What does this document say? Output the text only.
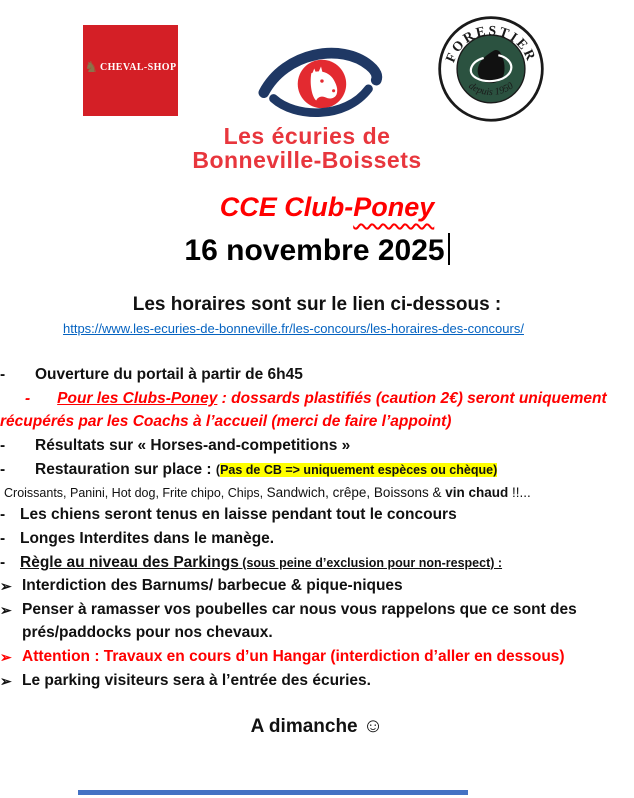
♞ CHEVAL-SHOP
Les écuries de
Bonneville-Boissets
FORESTIER
depuis 1950
CCE Club-Poney
16 novembre 2025
Les horaires sont sur le lien ci-dessous :
https://www.les-ecuries-de-bonneville.fr/les-concours/les-horaires-des-concours/

-	Ouverture du portail à partir de 6h45

- Pour les Clubs-Poney : dossards plastifiés (caution 2€) seront uniquement récupérés par les Coachs à l’accueil (merci de faire l’appoint)

-	Résultats sur « Horses-and-competitions »

-	Restauration sur place : (Pas de CB => uniquement espèces ou chèque)

Croissants, Panini, Hot dog, Frite chipo, Chips, Sandwich, crêpe, Boissons & vin chaud !!...

- Les chiens seront tenus en laisse pendant tout le concours

- Longes Interdites dans le manège.

- Règle au niveau des Parkings (sous peine d’exclusion pour non-respect) :

➢ Interdiction des Barnums/ barbecue & pique-niques

➢ Penser à ramasser vos poubelles car nous vous rappelons que ce sont des prés/paddocks pour nos chevaux.

➢ Attention : Travaux en cours d’un Hangar (interdiction d’aller en dessous)

➢ Le parking visiteurs sera à l’entrée des écuries.

A dimanche ☺
